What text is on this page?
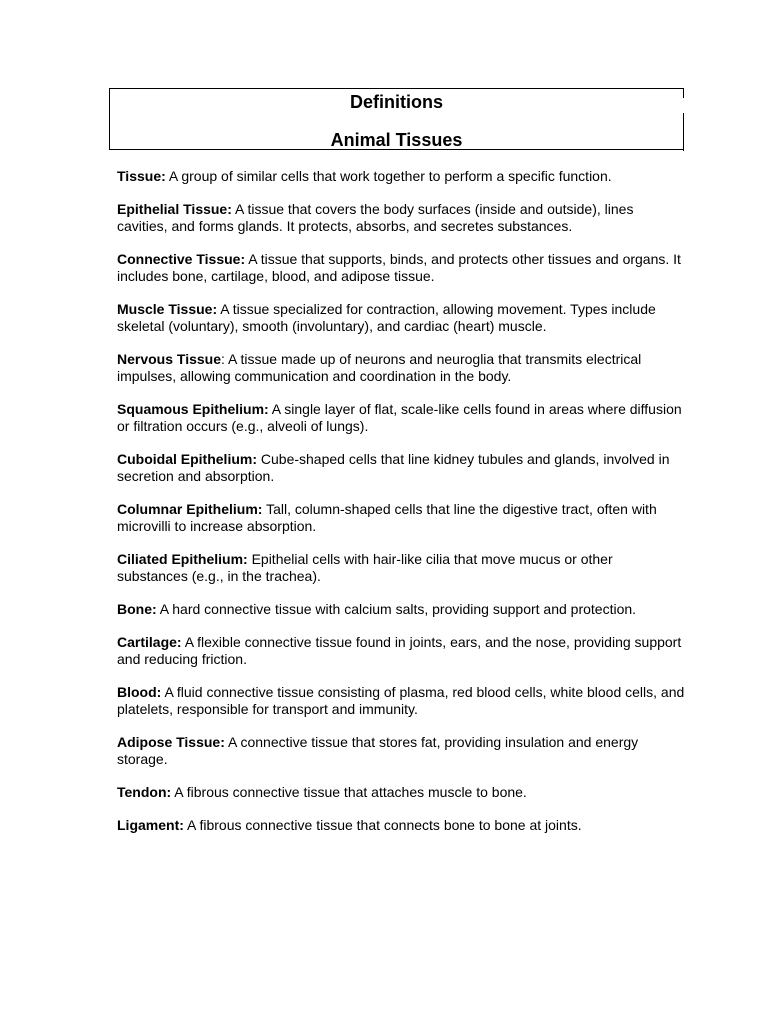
Definitions
Animal Tissues

Tissue: A group of similar cells that work together to perform a specific function.

Epithelial Tissue: A tissue that covers the body surfaces (inside and outside), lines cavities, and forms glands. It protects, absorbs, and secretes substances.

Connective Tissue: A tissue that supports, binds, and protects other tissues and organs. It includes bone, cartilage, blood, and adipose tissue.

Muscle Tissue: A tissue specialized for contraction, allowing movement. Types include skeletal (voluntary), smooth (involuntary), and cardiac (heart) muscle.

Nervous Tissue: A tissue made up of neurons and neuroglia that transmits electrical impulses, allowing communication and coordination in the body.

Squamous Epithelium: A single layer of flat, scale-like cells found in areas where diffusion or filtration occurs (e.g., alveoli of lungs).

Cuboidal Epithelium: Cube-shaped cells that line kidney tubules and glands, involved in secretion and absorption.

Columnar Epithelium: Tall, column-shaped cells that line the digestive tract, often with microvilli to increase absorption.

Ciliated Epithelium: Epithelial cells with hair-like cilia that move mucus or other substances (e.g., in the trachea).

Bone: A hard connective tissue with calcium salts, providing support and protection.

Cartilage: A flexible connective tissue found in joints, ears, and the nose, providing support and reducing friction.

Blood: A fluid connective tissue consisting of plasma, red blood cells, white blood cells, and platelets, responsible for transport and immunity.

Adipose Tissue: A connective tissue that stores fat, providing insulation and energy storage.

Tendon: A fibrous connective tissue that attaches muscle to bone.

Ligament: A fibrous connective tissue that connects bone to bone at joints.
